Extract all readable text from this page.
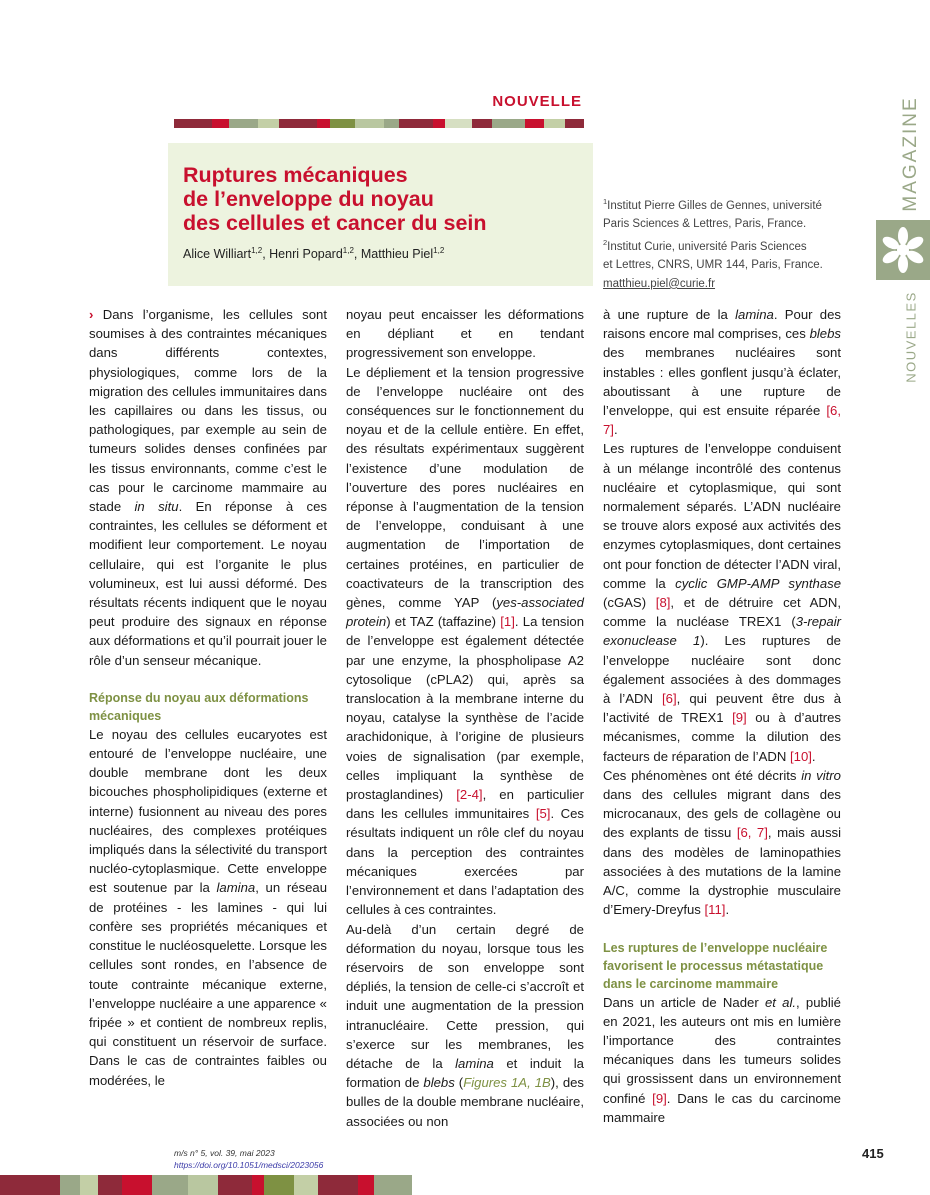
NOUVELLE
Ruptures mécaniques
de l’enveloppe du noyau
des cellules et cancer du sein
Alice Williart$^{1,2}$, Henri Popard$^{1,2}$, Matthieu Piel$^{1,2}$
$^1$Institut Pierre Gilles de Gennes, université
Paris Sciences & Lettres, Paris, France.
$^2$Institut Curie, université Paris Sciences
et Lettres, CNRS, UMR 144, Paris, France.
matthieu.piel@curie.fr
MAGAZINE
NOUVELLES

› Dans l’organisme, les cellules sont soumises à des contraintes mécaniques dans différents contextes, physiologiques, comme lors de la migration des cellules immunitaires dans les capillaires ou dans les tissus, ou pathologiques, par exemple au sein de tumeurs solides denses confinées par les tissus environnants, comme c’est le cas pour le carcinome mammaire au stade in situ. En réponse à ces contraintes, les cellules se déforment et modifient leur comportement. Le noyau cellulaire, qui est l’organite le plus volumineux, est lui aussi déformé. Des résultats récents indiquent que le noyau peut produire des signaux en réponse aux déformations et qu’il pourrait jouer le rôle d’un senseur mécanique.

Réponse du noyau aux déformations mécaniques

Le noyau des cellules eucaryotes est entouré de l’enveloppe nucléaire, une double membrane dont les deux bicouches phospholipidiques (externe et interne) fusionnent au niveau des pores nucléaires, des complexes protéiques impliqués dans la sélectivité du transport nucléo-cytoplasmique. Cette enveloppe est soutenue par la lamina, un réseau de protéines - les lamines - qui lui confère ses propriétés mécaniques et constitue le nucléosquelette. Lorsque les cellules sont rondes, en l’absence de toute contrainte mécanique externe, l’enveloppe nucléaire a une apparence « fripée » et contient de nombreux replis, qui constituent un réservoir de surface. Dans le cas de contraintes faibles ou modérées, le

noyau peut encaisser les déformations en dépliant et en tendant progressivement son enveloppe.

Le dépliement et la tension progressive de l’enveloppe nucléaire ont des conséquences sur le fonctionnement du noyau et de la cellule entière. En effet, des résultats expérimentaux suggèrent l’existence d’une modulation de l’ouverture des pores nucléaires en réponse à l’augmentation de la tension de l’enveloppe, conduisant à une augmentation de l’importation de certaines protéines, en particulier de coactivateurs de la transcription des gènes, comme YAP (yes-associated protein) et TAZ (taffazine) [1]. La tension de l’enveloppe est également détectée par une enzyme, la phospholipase A2 cytosolique (cPLA2) qui, après sa translocation à la membrane interne du noyau, catalyse la synthèse de l’acide arachidonique, à l’origine de plusieurs voies de signalisation (par exemple, celles impliquant la synthèse de prostaglandines) [2-4], en particulier dans les cellules immunitaires [5]. Ces résultats indiquent un rôle clef du noyau dans la perception des contraintes mécaniques exercées par l’environnement et dans l’adaptation des cellules à ces contraintes.

Au-delà d’un certain degré de déformation du noyau, lorsque tous les réservoirs de son enveloppe sont dépliés, la tension de celle-ci s’accroît et induit une augmentation de la pression intranucléaire. Cette pression, qui s’exerce sur les membranes, les détache de la lamina et induit la formation de blebs (Figures 1A, 1B), des bulles de la double membrane nucléaire, associées ou non

à une rupture de la lamina. Pour des raisons encore mal comprises, ces blebs des membranes nucléaires sont instables : elles gonflent jusqu’à éclater, aboutissant à une rupture de l’enveloppe, qui est ensuite réparée [6, 7].

Les ruptures de l’enveloppe conduisent à un mélange incontrôlé des contenus nucléaire et cytoplasmique, qui sont normalement séparés. L’ADN nucléaire se trouve alors exposé aux activités des enzymes cytoplasmiques, dont certaines ont pour fonction de détecter l’ADN viral, comme la cyclic GMP-AMP synthase (cGAS) [8], et de détruire cet ADN, comme la nucléase TREX1 (3-repair exonuclease 1). Les ruptures de l’enveloppe nucléaire sont donc également associées à des dommages à l’ADN [6], qui peuvent être dus à l’activité de TREX1 [9] ou à d’autres mécanismes, comme la dilution des facteurs de réparation de l’ADN [10].

Ces phénomènes ont été décrits in vitro dans des cellules migrant dans des microcanaux, des gels de collagène ou des explants de tissu [6, 7], mais aussi dans des modèles de laminopathies associées à des mutations de la lamine A/C, comme la dystrophie musculaire d’Emery-Dreyfus [11].

Les ruptures de l’enveloppe nucléaire favorisent le processus métastatique dans le carcinome mammaire

Dans un article de Nader et al., publié en 2021, les auteurs ont mis en lumière l’importance des contraintes mécaniques dans les tumeurs solides qui grossissent dans un environnement confiné [9]. Dans le cas du carcinome mammaire

m/s n° 5, vol. 39, mai 2023
https://doi.org/10.1051/medsci/2023056
415
